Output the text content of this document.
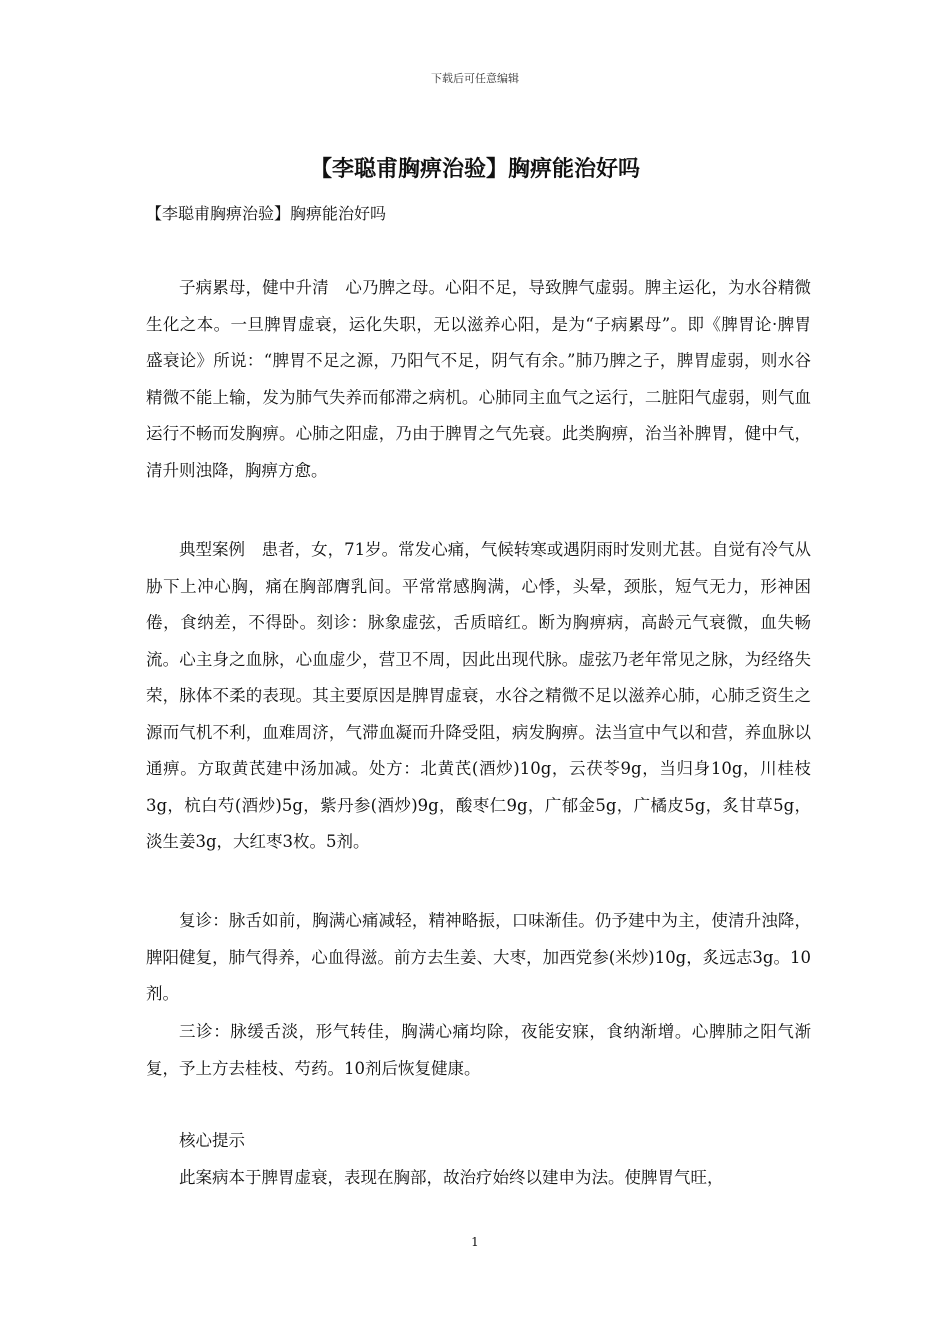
下载后可任意编辑
【李聪甫胸痹治验】胸痹能治好吗

【李聪甫胸痹治验】胸痹能治好吗

子病累母，健中升清　心乃脾之母。心阳不足，导致脾气虚弱。脾主运化，为水谷精微生化之本。一旦脾胃虚衰，运化失职，无以滋养心阳，是为“子病累母”。即《脾胃论·脾胃盛衰论》所说：“脾胃不足之源，乃阳气不足，阴气有余。”肺乃脾之子，脾胃虚弱，则水谷精微不能上输，发为肺气失养而郁滞之病机。心肺同主血气之运行，二脏阳气虚弱，则气血运行不畅而发胸痹。心肺之阳虚，乃由于脾胃之气先衰。此类胸痹，治当补脾胃，健中气，清升则浊降，胸痹方愈。

典型案例　患者，女，71岁。常发心痛，气候转寒或遇阴雨时发则尤甚。自觉有冷气从胁下上冲心胸，痛在胸部膺乳间。平常常感胸满，心悸，头晕，颈胀，短气无力，形神困倦，食纳差，不得卧。刻诊：脉象虚弦，舌质暗红。断为胸痹病，高龄元气衰微，血失畅流。心主身之血脉，心血虚少，营卫不周，因此出现代脉。虚弦乃老年常见之脉，为经络失荣，脉体不柔的表现。其主要原因是脾胃虚衰，水谷之精微不足以滋养心肺，心肺乏资生之源而气机不利，血难周济，气滞血凝而升降受阻，病发胸痹。法当宣中气以和营，养血脉以通痹。方取黄芪建中汤加减。处方：北黄芪(酒炒)10g，云茯苓9g，当归身10g，川桂枝3g，杭白芍(酒炒)5g，紫丹参(酒炒)9g，酸枣仁9g，广郁金5g，广橘皮5g，炙甘草5g，淡生姜3g，大红枣3枚。5剂。

复诊：脉舌如前，胸满心痛减轻，精神略振，口味渐佳。仍予建中为主，使清升浊降，脾阳健复，肺气得养，心血得滋。前方去生姜、大枣，加西党参(米炒)10g，炙远志3g。10剂。

三诊：脉缓舌淡，形气转佳，胸满心痛均除，夜能安寐，食纳渐增。心脾肺之阳气渐复，予上方去桂枝、芍药。10剂后恢复健康。

核心提示

此案病本于脾胃虚衰，表现在胸部，故治疗始终以建申为法。使脾胃气旺，

1
